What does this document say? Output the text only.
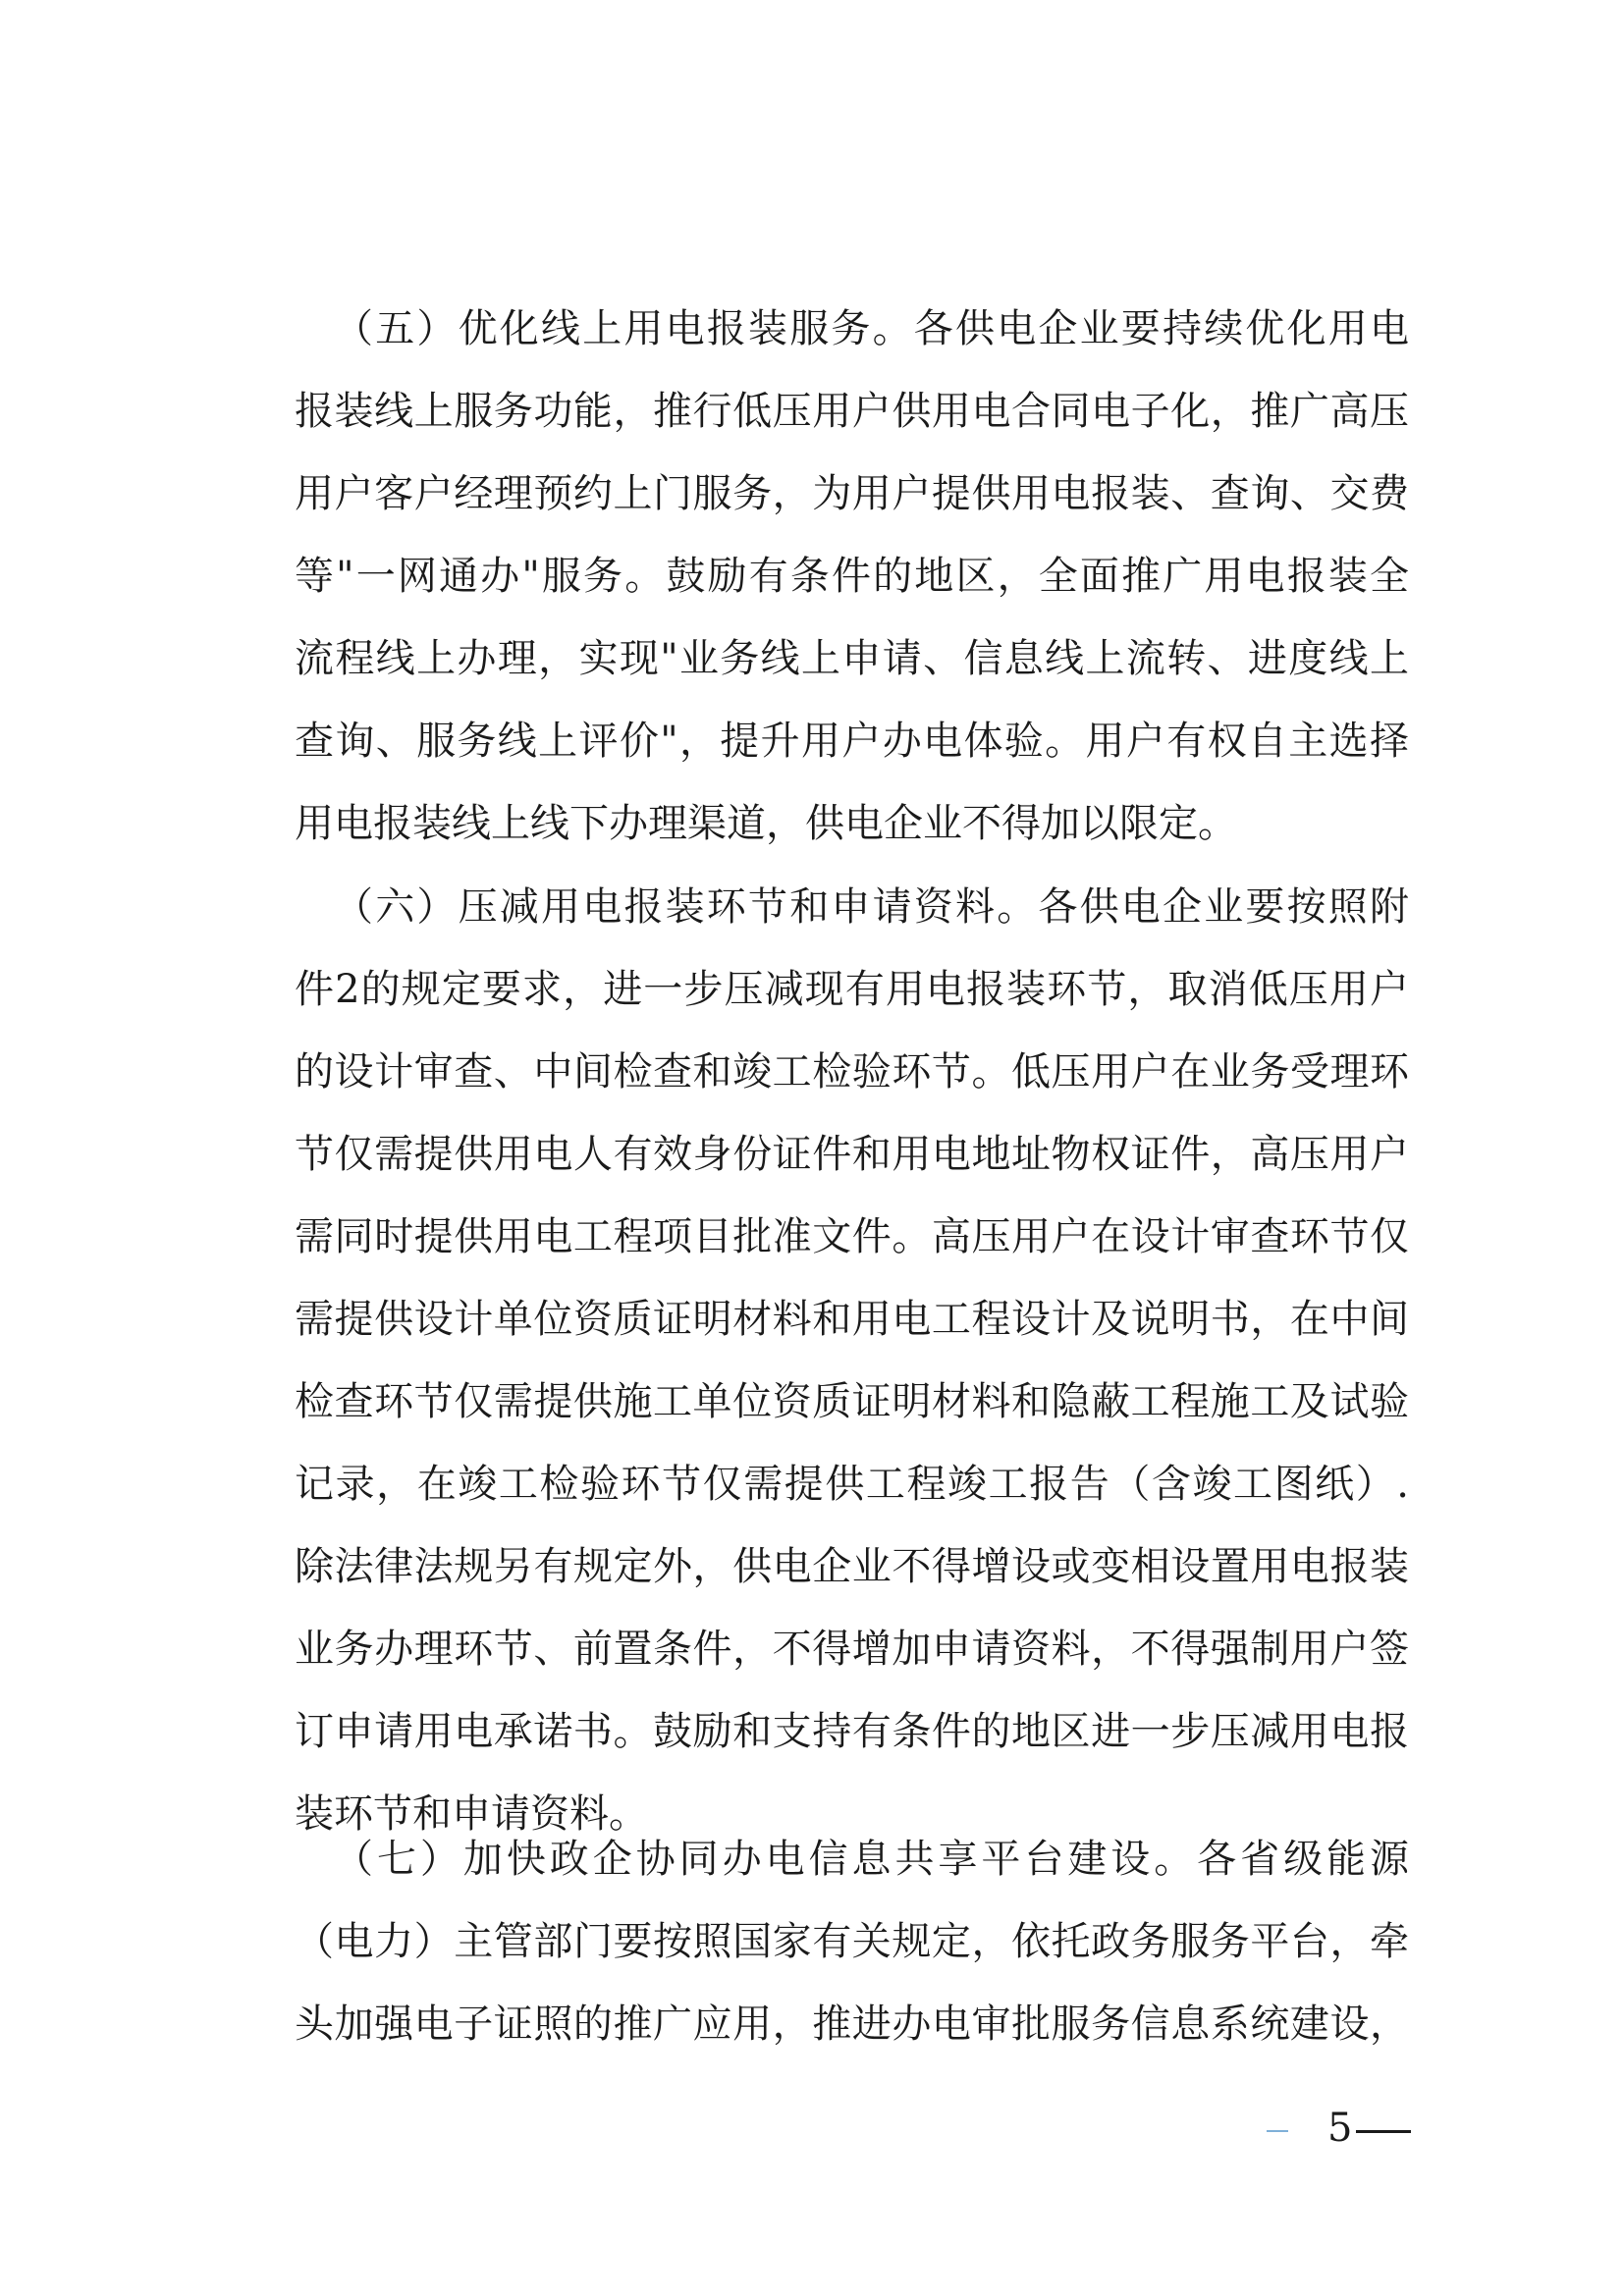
（五）优化线上用电报装服务。各供电企业要持续优化用电
报装线上服务功能，推行低压用户供用电合同电子化，推广高压
用户客户经理预约上门服务，为用户提供用电报装、查询、交费
等"一网通办"服务。鼓励有条件的地区，全面推广用电报装全
流程线上办理，实现"业务线上申请、信息线上流转、进度线上
查询、服务线上评价"，提升用户办电体验。用户有权自主选择
用电报装线上线下办理渠道，供电企业不得加以限定。
（六）压减用电报装环节和申请资料。各供电企业要按照附
件2的规定要求，进一步压减现有用电报装环节，取消低压用户
的设计审查、中间检查和竣工检验环节。低压用户在业务受理环
节仅需提供用电人有效身份证件和用电地址物权证件，高压用户
需同时提供用电工程项目批准文件。高压用户在设计审查环节仅
需提供设计单位资质证明材料和用电工程设计及说明书，在中间
检查环节仅需提供施工单位资质证明材料和隐蔽工程施工及试验
记录，在竣工检验环节仅需提供工程竣工报告（含竣工图纸）.
除法律法规另有规定外，供电企业不得增设或变相设置用电报装
业务办理环节、前置条件，不得增加申请资料，不得强制用户签
订申请用电承诺书。鼓励和支持有条件的地区进一步压减用电报
装环节和申请资料。
（七）加快政企协同办电信息共享平台建设。各省级能源
（电力）主管部门要按照国家有关规定，依托政务服务平台，牵
头加强电子证照的推广应用，推进办电审批服务信息系统建设，
5
